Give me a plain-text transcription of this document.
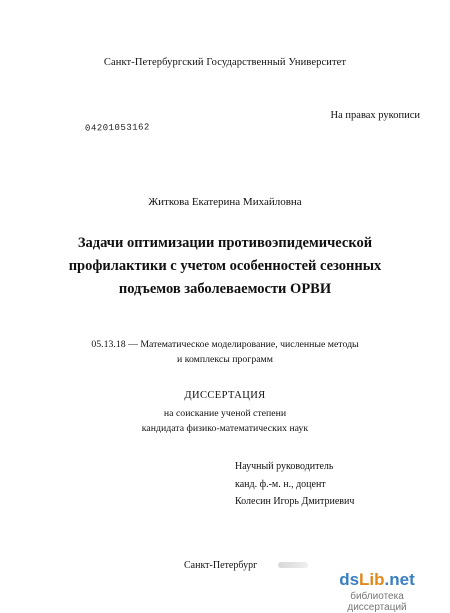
Санкт-Петербургский Государственный Университет
На правах рукописи
04201053162
Житкова Екатерина Михайловна
Задачи оптимизации противоэпидемической
профилактики с учетом особенностей сезонных
подъемов заболеваемости ОРВИ
05.13.18 — Математическое моделирование, численные методы
и комплексы программ
ДИССЕРТАЦИЯ
на соискание ученой степени
кандидата физико-математических наук
Научный руководитель
канд. ф.-м. н., доцент
Колесин Игорь Дмитриевич
Санкт-Петербург
dsLib.net
библиотека диссертаций
